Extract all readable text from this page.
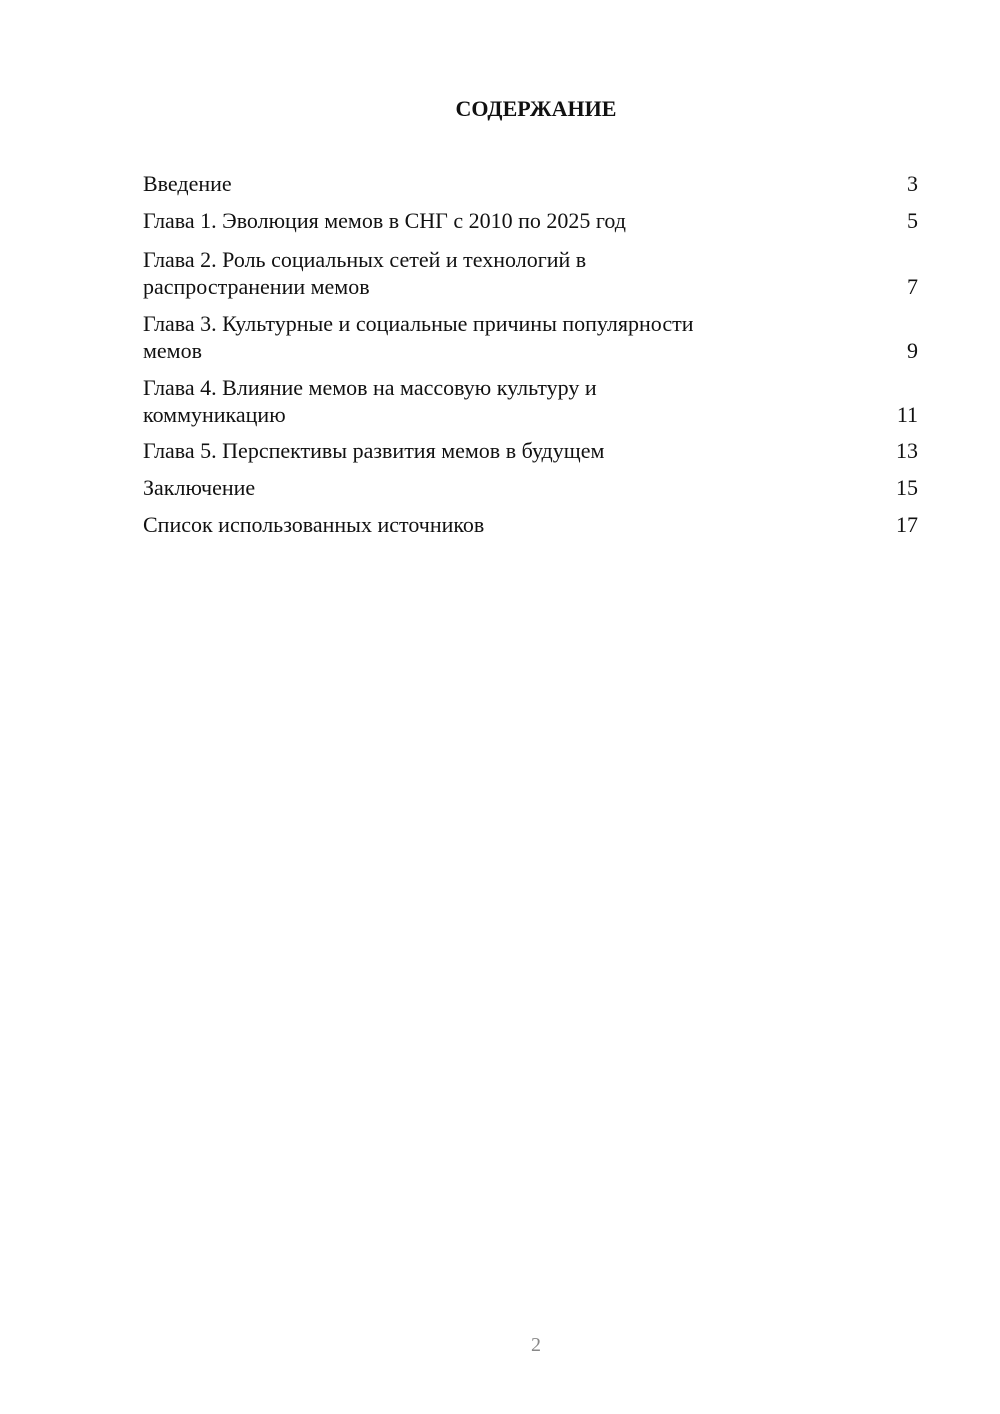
СОДЕРЖАНИЕ
Введение	3
Глава 1. Эволюция мемов в СНГ с 2010 по 2025 год	5
Глава 2. Роль социальных сетей и технологий в
распространении мемов	7
Глава 3. Культурные и социальные причины популярности
мемов	9
Глава 4. Влияние мемов на массовую культуру и
коммуникацию	11
Глава 5. Перспективы развития мемов в будущем	13
Заключение	15
Список использованных источников	17
2
